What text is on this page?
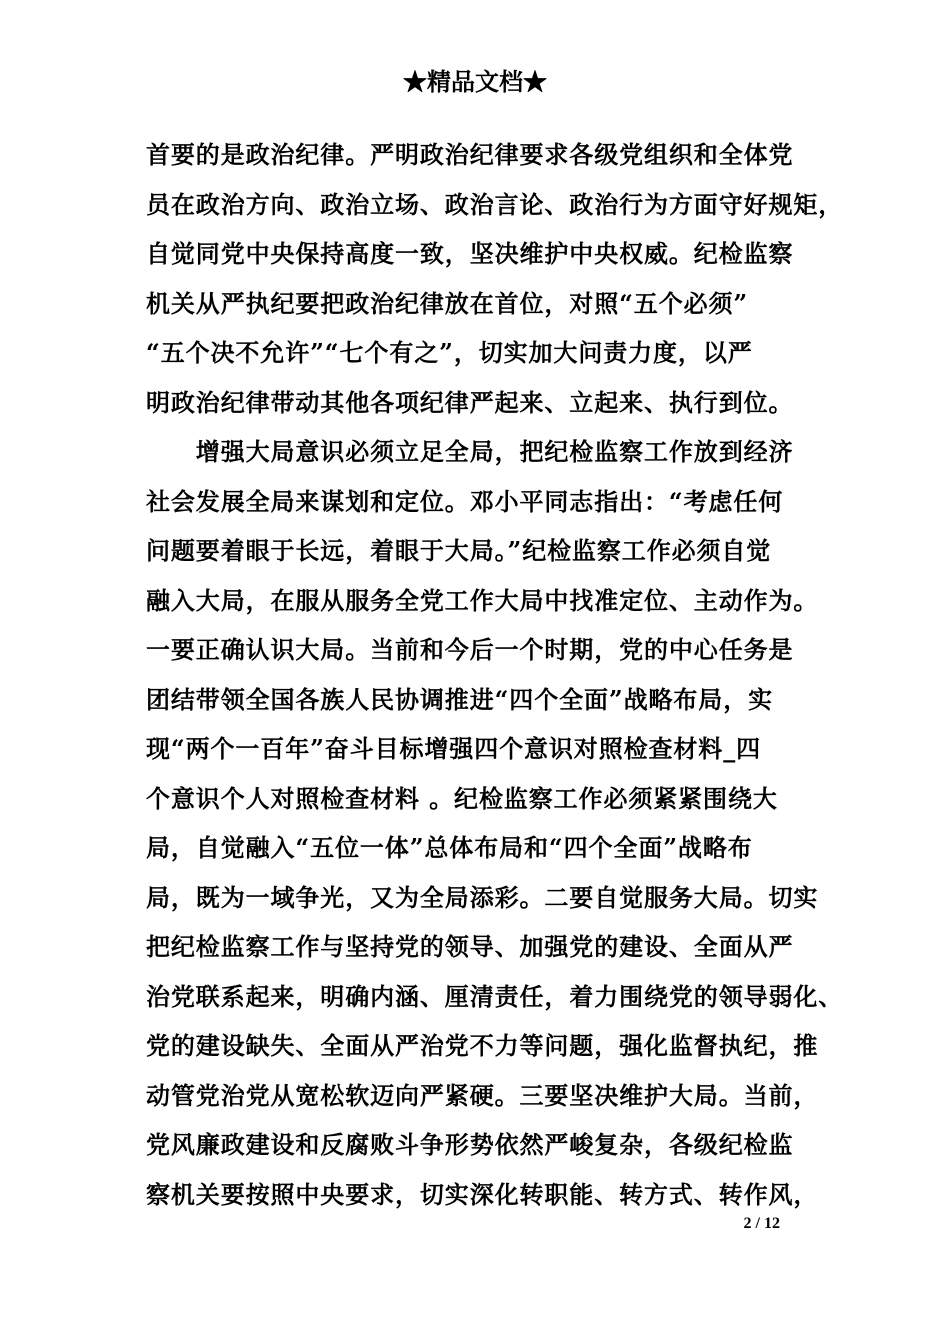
★精品文档★
首要的是政治纪律。严明政治纪律要求各级党组织和全体党
员在政治方向、政治立场、政治言论、政治行为方面守好规矩，
自觉同党中央保持高度一致，坚决维护中央权威。纪检监察
机关从严执纪要把政治纪律放在首位，对照“五个必须”
“五个决不允许”“七个有之”，切实加大问责力度，以严
明政治纪律带动其他各项纪律严起来、立起来、执行到位。
　　增强大局意识必须立足全局，把纪检监察工作放到经济
社会发展全局来谋划和定位。邓小平同志指出：“考虑任何
问题要着眼于长远，着眼于大局。”纪检监察工作必须自觉
融入大局，在服从服务全党工作大局中找准定位、主动作为。
一要正确认识大局。当前和今后一个时期，党的中心任务是
团结带领全国各族人民协调推进“四个全面”战略布局，实
现“两个一百年”奋斗目标增强四个意识对照检查材料_四
个意识个人对照检查材料 。纪检监察工作必须紧紧围绕大
局，自觉融入“五位一体”总体布局和“四个全面”战略布
局，既为一域争光，又为全局添彩。二要自觉服务大局。切实
把纪检监察工作与坚持党的领导、加强党的建设、全面从严
治党联系起来，明确内涵、厘清责任，着力围绕党的领导弱化、
党的建设缺失、全面从严治党不力等问题，强化监督执纪，推
动管党治党从宽松软迈向严紧硬。三要坚决维护大局。当前，
党风廉政建设和反腐败斗争形势依然严峻复杂，各级纪检监
察机关要按照中央要求，切实深化转职能、转方式、转作风，
2 / 12
